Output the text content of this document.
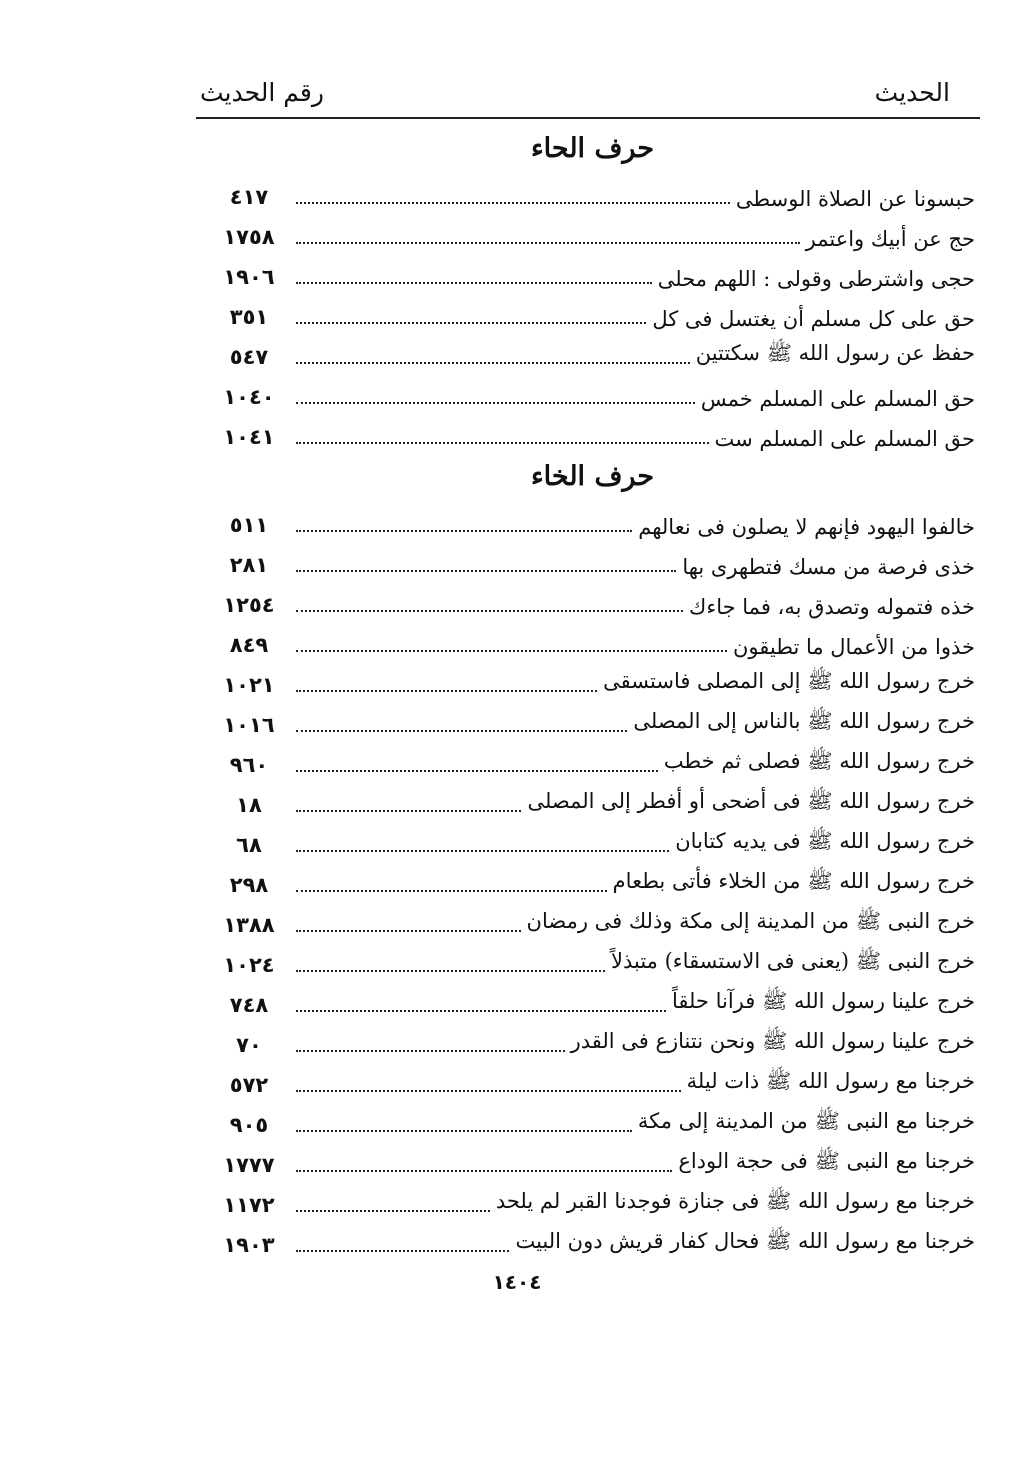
الحديث
رقم الحديث
حرف الحاء
٤١٧	حبسونا عن الصلاة الوسطى
١٧٥٨	حج عن أبيك واعتمر
١٩٠٦	حجى واشترطى وقولى : اللهم محلى
٣٥١	حق على كل مسلم أن يغتسل فى كل
٥٤٧	حفظ عن رسول الله ﷺ سكتتين
١٠٤٠	حق المسلم على المسلم خمس
١٠٤١	حق المسلم على المسلم ست
حرف الخاء
٥١١	خالفوا اليهود فإنهم لا يصلون فى نعالهم
٢٨١	خذى فرصة من مسك فتطهرى بها
١٢٥٤	خذه فتموله وتصدق به، فما جاءك
٨٤٩	خذوا من الأعمال ما تطيقون
١٠٢١	خرج رسول الله ﷺ إلى المصلى فاستسقى
١٠١٦	خرج رسول الله ﷺ بالناس إلى المصلى
٩٦٠	خرج رسول الله ﷺ فصلى ثم خطب
١٨	خرج رسول الله ﷺ فى أضحى أو أفطر إلى المصلى
٦٨	خرج رسول الله ﷺ فى يديه كتابان
٢٩٨	خرج رسول الله ﷺ من الخلاء فأتى بطعام
١٣٨٨	خرج النبى ﷺ من المدينة إلى مكة وذلك فى رمضان
١٠٢٤	خرج النبى ﷺ (يعنى فى الاستسقاء) متبذلاً
٧٤٨	خرج علينا رسول الله ﷺ فرآنا حلقاً
٧٠	خرج علينا رسول الله ﷺ ونحن نتنازع فى القدر
٥٧٢	خرجنا مع رسول الله ﷺ ذات ليلة
٩٠٥	خرجنا مع النبى ﷺ من المدينة إلى مكة
١٧٧٧	خرجنا مع النبى ﷺ فى حجة الوداع
١١٧٢	خرجنا مع رسول الله ﷺ فى جنازة فوجدنا القبر لم يلحد
١٩٠٣	خرجنا مع رسول الله ﷺ فحال كفار قريش دون البيت
١٤٠٤
